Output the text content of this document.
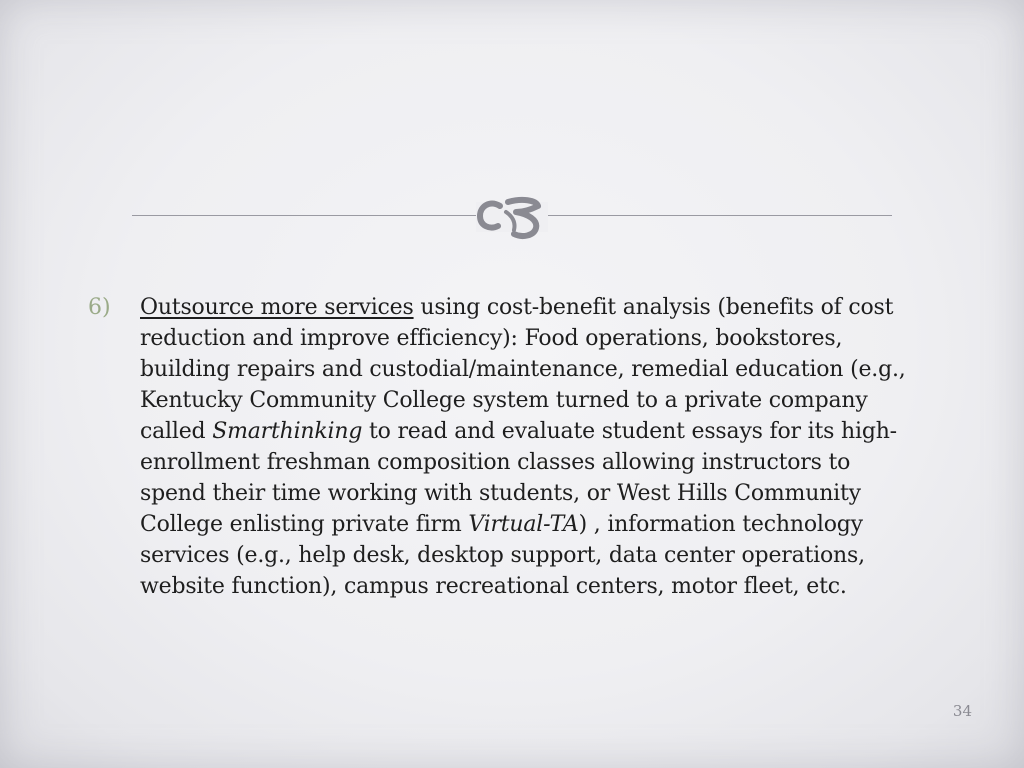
6)	Outsource more services using cost-benefit analysis (benefits of cost reduction and improve efficiency): Food operations, bookstores, building repairs and custodial/maintenance, remedial education (e.g., Kentucky Community College system turned to a private company called Smarthinking to read and evaluate student essays for its high-enrollment freshman composition classes allowing instructors to spend their time working with students, or West Hills Community College enlisting private firm Virtual-TA) , information technology services (e.g., help desk, desktop support, data center operations, website function), campus recreational centers, motor fleet, etc.
34
